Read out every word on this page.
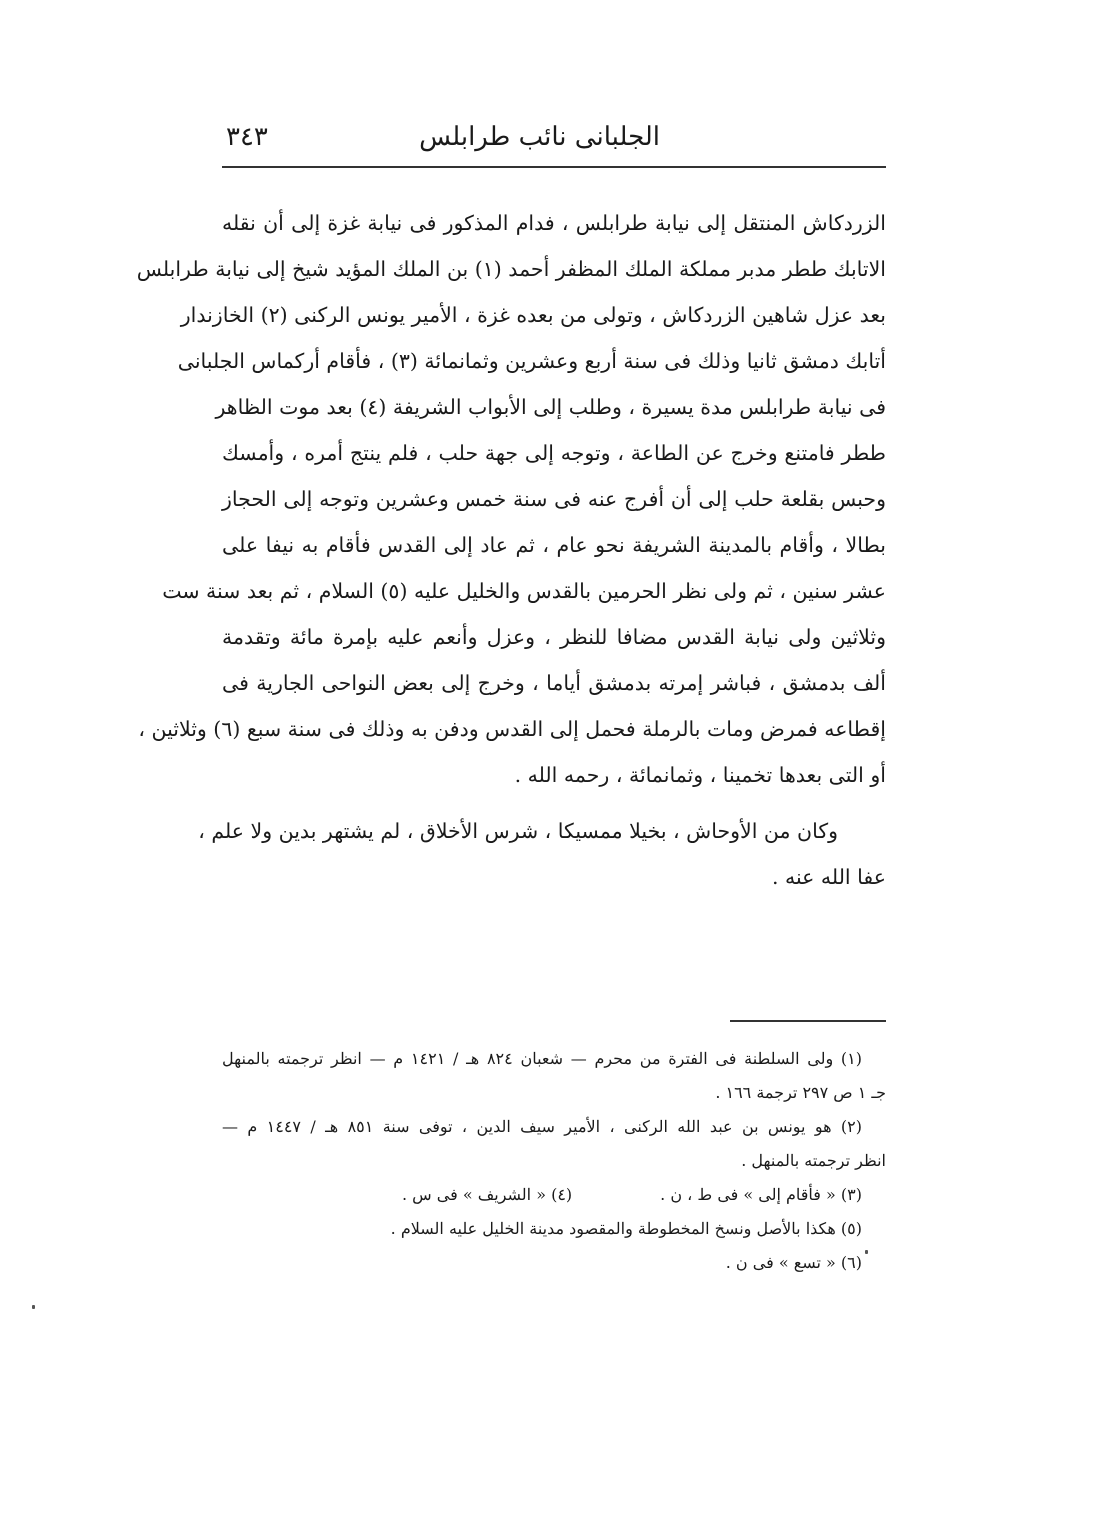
الجلبانى نائب طرابلس
٣٤٣
الزردكاش المنتقل إلى نيابة طرابلس ، فدام المذكور فى نيابة غزة إلى أن نقله
الاتابك ططر مدبر مملكة الملك المظفر أحمد (١) بن الملك المؤيد شيخ إلى نيابة طرابلس
بعد عزل شاهين الزردكاش ، وتولى من بعده غزة ، الأمير يونس الركنى (٢) الخازندار
أتابك دمشق ثانيا وذلك فى سنة أربع وعشرين وثمانمائة (٣) ، فأقام أركماس الجلبانى
فى نيابة طرابلس مدة يسيرة ، وطلب إلى الأبواب الشريفة (٤) بعد موت الظاهر
ططر فامتنع وخرج عن الطاعة ، وتوجه إلى جهة حلب ، فلم ينتج أمره ، وأمسك
وحبس بقلعة حلب إلى أن أفرج عنه فى سنة خمس وعشرين وتوجه إلى الحجاز
بطالا ، وأقام بالمدينة الشريفة نحو عام ، ثم عاد إلى القدس فأقام به نيفا على
عشر سنين ، ثم ولى نظر الحرمين بالقدس والخليل عليه (٥) السلام ، ثم بعد سنة ست
وثلاثين ولى نيابة القدس مضافا للنظر ، وعزل وأنعم عليه بإمرة مائة وتقدمة
ألف بدمشق ، فباشر إمرته بدمشق أياما ، وخرج إلى بعض النواحى الجارية فى
إقطاعه فمرض ومات بالرملة فحمل إلى القدس ودفن به وذلك فى سنة سبع (٦) وثلاثين ،
أو التى بعدها تخمينا ، وثمانمائة ، رحمه الله .
وكان من الأوحاش ، بخيلا ممسيكا ، شرس الأخلاق ، لم يشتهر بدين ولا علم ،
عفا الله عنه .
(١) ولى السلطنة فى الفترة من محرم — شعبان ٨٢٤ هـ / ١٤٢١ م — انظر ترجمته بالمنهل
جـ ١ ص ٢٩٧ ترجمة ١٦٦ .
(٢) هو يونس بن عبد الله الركنى ، الأمير سيف الدين ، توفى سنة ٨٥١ هـ / ١٤٤٧ م —
انظر ترجمته بالمنهل .
(٣) « فأقام إلى » فى ط ، ن .
(٤) « الشريف » فى س .
(٥) هكذا بالأصل ونسخ المخطوطة والمقصود مدينة الخليل عليه السلام .
(٦) « تسع » فى ن .
